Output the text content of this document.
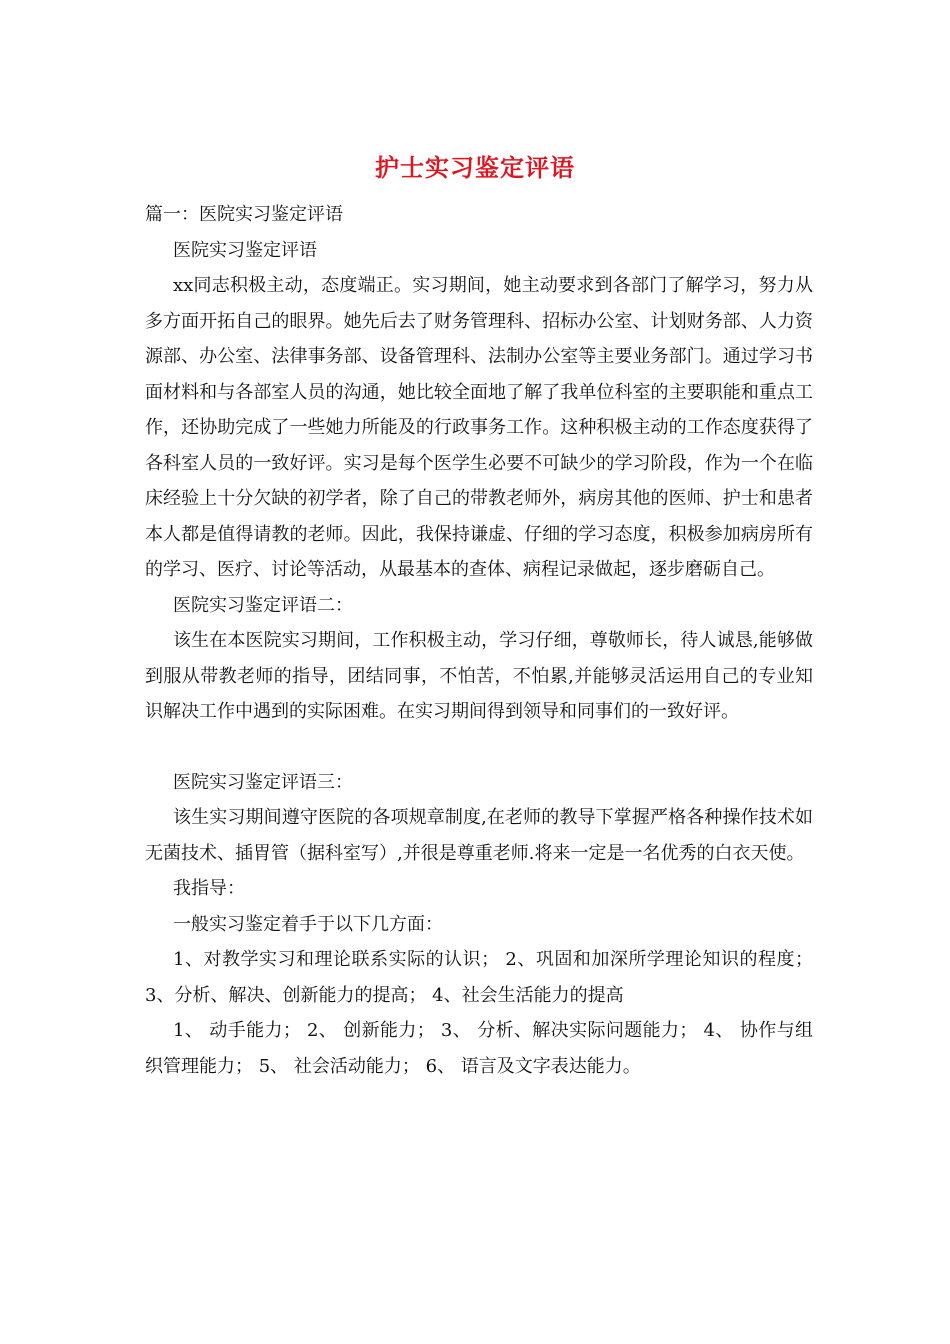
护士实习鉴定评语

篇一：医院实习鉴定评语

医院实习鉴定评语

xx同志积极主动，态度端正。实习期间，她主动要求到各部门了解学习，努力从多方面开拓自己的眼界。她先后去了财务管理科、招标办公室、计划财务部、人力资源部、办公室、法律事务部、设备管理科、法制办公室等主要业务部门。通过学习书面材料和与各部室人员的沟通，她比较全面地了解了我单位科室的主要职能和重点工作，还协助完成了一些她力所能及的行政事务工作。这种积极主动的工作态度获得了各科室人员的一致好评。实习是每个医学生必要不可缺少的学习阶段，作为一个在临床经验上十分欠缺的初学者，除了自己的带教老师外，病房其他的医师、护士和患者本人都是值得请教的老师。因此，我保持谦虚、仔细的学习态度，积极参加病房所有的学习、医疗、讨论等活动，从最基本的查体、病程记录做起，逐步磨砺自己。

医院实习鉴定评语二：

该生在本医院实习期间，工作积极主动，学习仔细，尊敬师长，待人诚恳,能够做到服从带教老师的指导，团结同事，不怕苦，不怕累,并能够灵活运用自己的专业知识解决工作中遇到的实际困难。在实习期间得到领导和同事们的一致好评。

医院实习鉴定评语三：

该生实习期间遵守医院的各项规章制度,在老师的教导下掌握严格各种操作技术如无菌技术、插胃管（据科室写）,并很是尊重老师.将来一定是一名优秀的白衣天使。

我指导：

一般实习鉴定着手于以下几方面：

1、对教学实习和理论联系实际的认识； 2、巩固和加深所学理论知识的程度； 3、分析、解决、创新能力的提高； 4、社会生活能力的提高

1、 动手能力； 2、 创新能力； 3、 分析、解决实际问题能力； 4、 协作与组织管理能力； 5、 社会活动能力； 6、 语言及文字表达能力。
